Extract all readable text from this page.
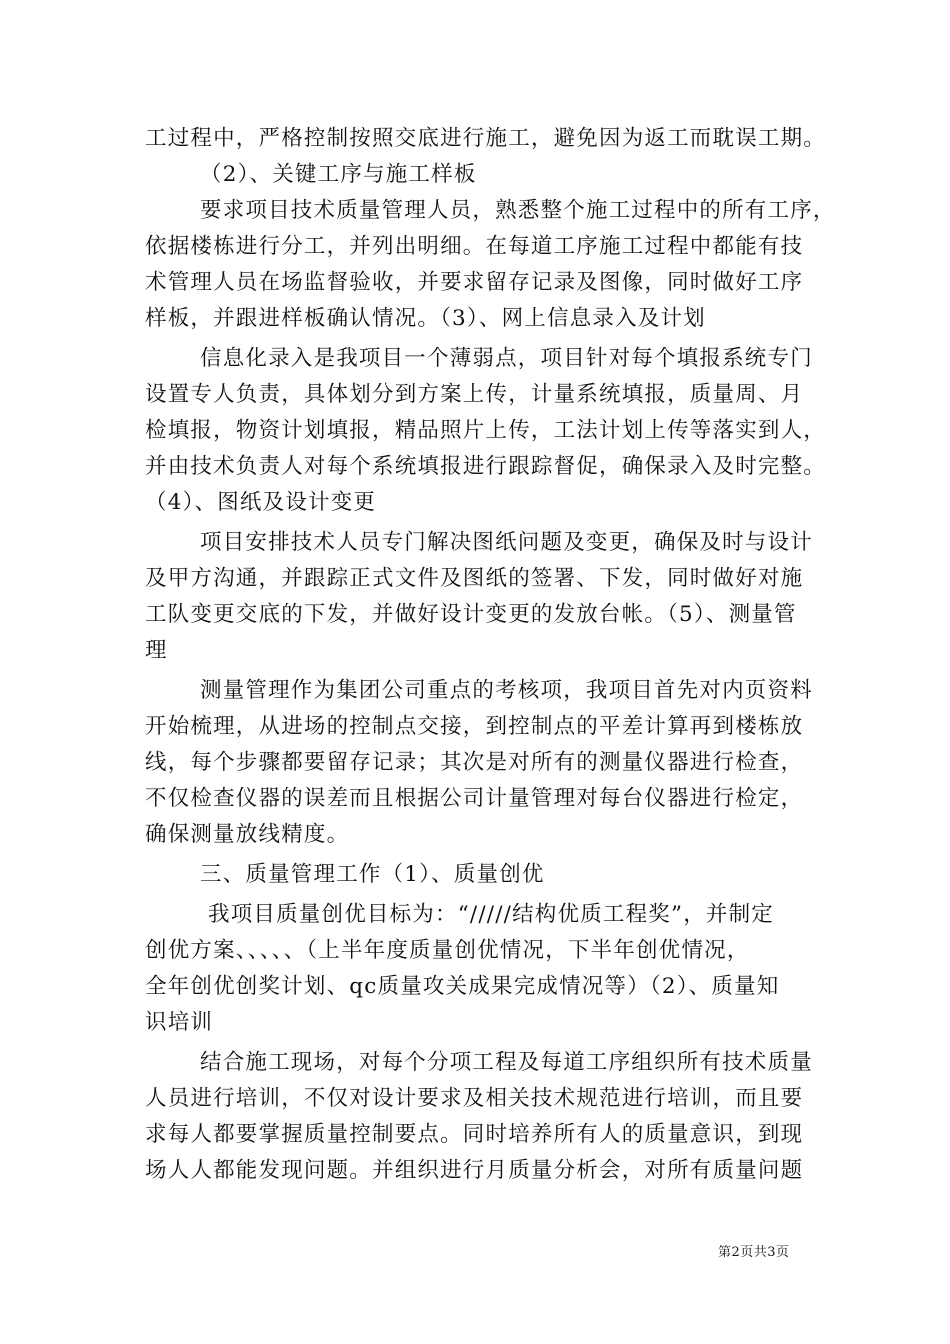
工过程中，严格控制按照交底进行施工，避免因为返工而耽误工期。
（2）、关键工序与施工样板
要求项目技术质量管理人员，熟悉整个施工过程中的所有工序，
依据楼栋进行分工，并列出明细。在每道工序施工过程中都能有技
术管理人员在场监督验收，并要求留存记录及图像，同时做好工序
样板，并跟进样板确认情况。（3）、网上信息录入及计划
信息化录入是我项目一个薄弱点，项目针对每个填报系统专门
设置专人负责，具体划分到方案上传，计量系统填报，质量周、月
检填报，物资计划填报，精品照片上传，工法计划上传等落实到人，
并由技术负责人对每个系统填报进行跟踪督促，确保录入及时完整。
（4）、图纸及设计变更
项目安排技术人员专门解决图纸问题及变更，确保及时与设计
及甲方沟通，并跟踪正式文件及图纸的签署、下发，同时做好对施
工队变更交底的下发，并做好设计变更的发放台帐。（5）、测量管
理
测量管理作为集团公司重点的考核项，我项目首先对内页资料
开始梳理，从进场的控制点交接，到控制点的平差计算再到楼栋放
线，每个步骤都要留存记录；其次是对所有的测量仪器进行检查，
不仅检查仪器的误差而且根据公司计量管理对每台仪器进行检定，
确保测量放线精度。
三、质量管理工作（1）、质量创优
我项目质量创优目标为：“/////结构优质工程奖”，并制定
创优方案、、、、、（上半年度质量创优情况，下半年创优情况，
全年创优创奖计划、qc质量攻关成果完成情况等）（2）、质量知
识培训
结合施工现场，对每个分项工程及每道工序组织所有技术质量
人员进行培训，不仅对设计要求及相关技术规范进行培训，而且要
求每人都要掌握质量控制要点。同时培养所有人的质量意识，到现
场人人都能发现问题。并组织进行月质量分析会，对所有质量问题
第2页共3页
